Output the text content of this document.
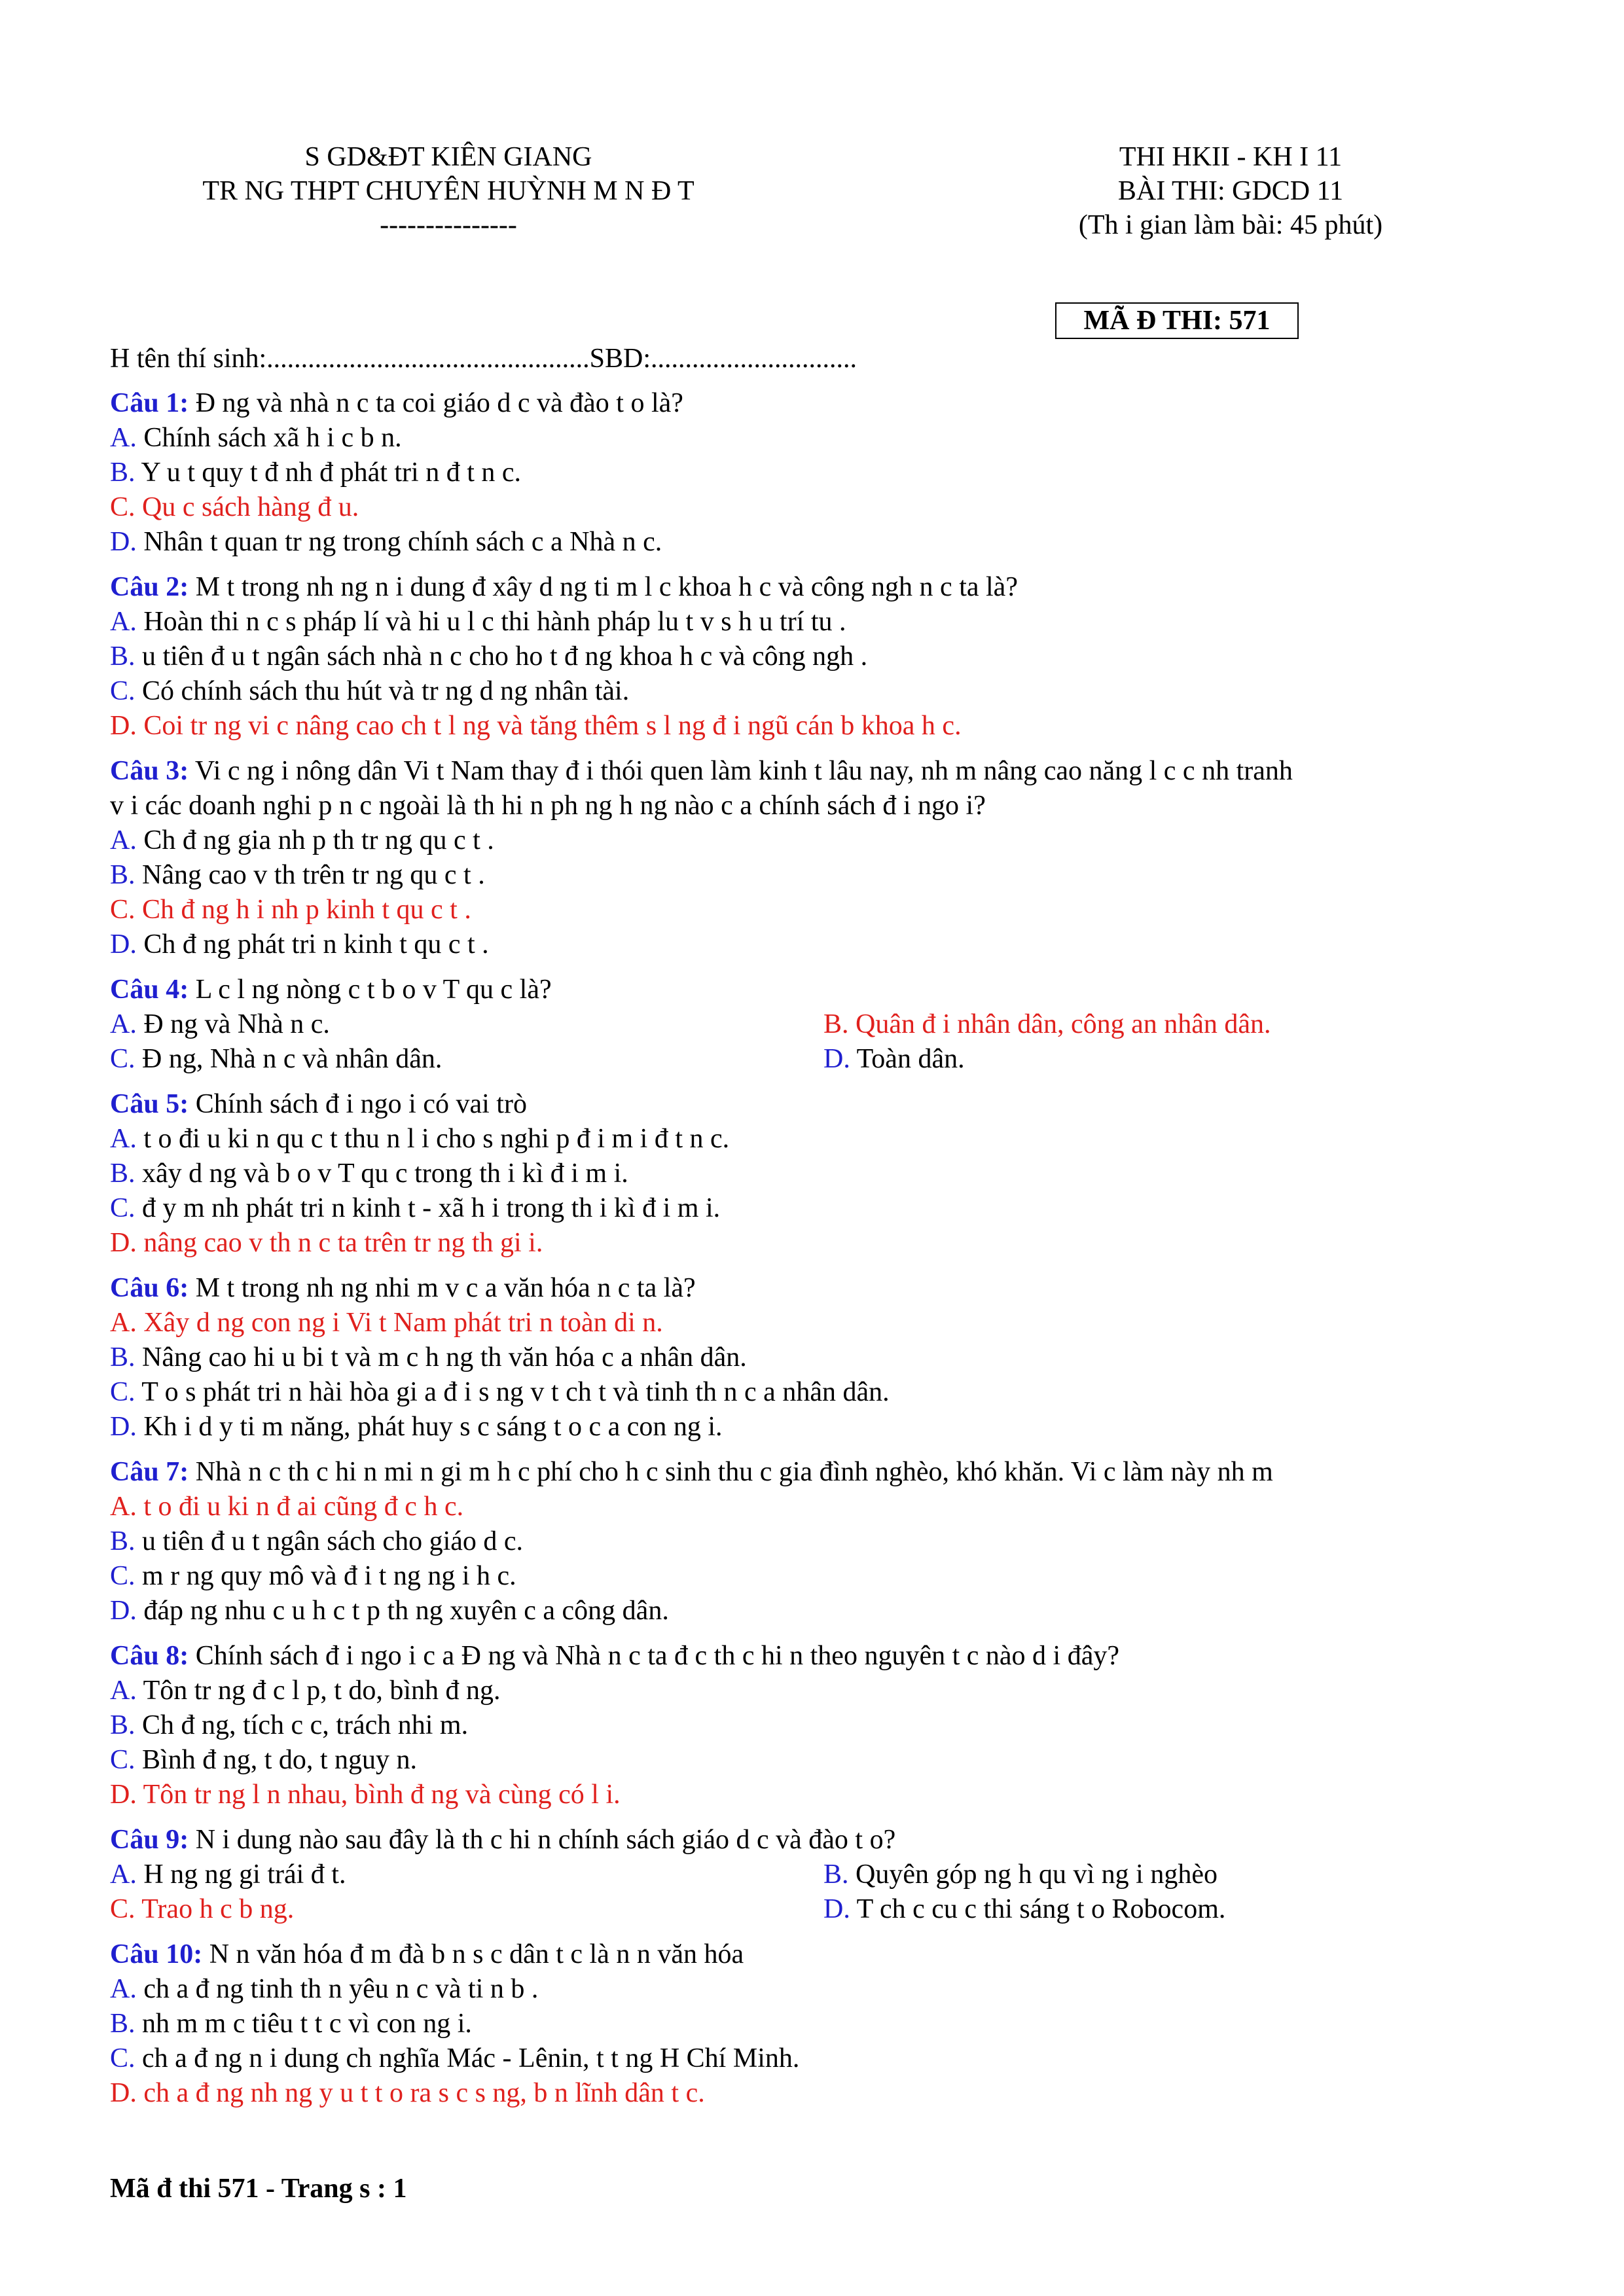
S GD&ĐT KIÊN GIANG
TR NG THPT CHUYÊN HUỲNH M N Đ T
---------------
THI HKII - KH I 11
BÀI THI: GDCD 11
(Th i gian làm bài: 45 phút)
MÃ Đ THI: 571
H tên thí sinh:...............................................SBD:..............................
Câu 1: Đ ng và nhà n c ta coi giáo d c và đào t o là?
A. Chính sách xã h i c b n.
B. Y u t quy t đ nh đ phát tri n đ t n c.
C. Qu c sách hàng đ u.
D. Nhân t quan tr ng trong chính sách c a Nhà n c.
Câu 2: M t trong nh ng n i dung đ xây d ng ti m l c khoa h c và công ngh n c ta là?
A. Hoàn thi n c s pháp lí và hi u l c thi hành pháp lu t v s h u trí tu .
B. u tiên đ u t ngân sách nhà n c cho ho t đ ng khoa h c và công ngh .
C. Có chính sách thu hút và tr ng d ng nhân tài.
D. Coi tr ng vi c nâng cao ch t l ng và tăng thêm s l ng đ i ngũ cán b khoa h c.
Câu 3: Vi c ng i nông dân Vi t Nam thay đ i thói quen làm kinh t lâu nay, nh m nâng cao năng l c c nh tranh
v i các doanh nghi p n c ngoài là th hi n ph ng h ng nào c a chính sách đ i ngo i?
A. Ch đ ng gia nh p th tr ng qu c t .
B. Nâng cao v th trên tr ng qu c t .
C. Ch đ ng h i nh p kinh t qu c t .
D. Ch đ ng phát tri n kinh t qu c t .
Câu 4: L c l ng nòng c t b o v T qu c là?
A. Đ ng và Nhà n c.	B. Quân đ i nhân dân, công an nhân dân.
C. Đ ng, Nhà n c và nhân dân.	D. Toàn dân.
Câu 5: Chính sách đ i ngo i có vai trò
A. t o đi u ki n qu c t thu n l i cho s nghi p đ i m i đ t n c.
B. xây d ng và b o v T qu c trong th i kì đ i m i.
C. đ y m nh phát tri n kinh t - xã h i trong th i kì đ i m i.
D. nâng cao v th n c ta trên tr ng th gi i.
Câu 6: M t trong nh ng nhi m v c a văn hóa n c ta là?
A. Xây d ng con ng i Vi t Nam phát tri n toàn di n.
B. Nâng cao hi u bi t và m c h ng th văn hóa c a nhân dân.
C. T o s phát tri n hài hòa gi a đ i s ng v t ch t và tinh th n c a nhân dân.
D. Kh i d y ti m năng, phát huy s c sáng t o c a con ng i.
Câu 7: Nhà n c th c hi n mi n gi m h c phí cho h c sinh thu c gia đình nghèo, khó khăn. Vi c làm này nh m
A. t o đi u ki n đ ai cũng đ c h c.
B. u tiên đ u t ngân sách cho giáo d c.
C. m r ng quy mô và đ i t ng ng i h c.
D. đáp ng nhu c u h c t p th ng xuyên c a công dân.
Câu 8: Chính sách đ i ngo i c a Đ ng và Nhà n c ta đ c th c hi n theo nguyên t c nào d i đây?
A. Tôn tr ng đ c l p, t do, bình đ ng.
B. Ch đ ng, tích c c, trách nhi m.
C. Bình đ ng, t do, t nguy n.
D. Tôn tr ng l n nhau, bình đ ng và cùng có l i.
Câu 9: N i dung nào sau đây là th c hi n chính sách giáo d c và đào t o?
A. H ng ng gi trái đ t.	B. Quyên góp ng h qu vì ng i nghèo
C. Trao h c b ng.	D. T ch c cu c thi sáng t o Robocom.
Câu 10: N n văn hóa đ m đà b n s c dân t c là n n văn hóa
A. ch a đ ng tinh th n yêu n c và ti n b .
B. nh m m c tiêu t t c vì con ng i.
C. ch a đ ng n i dung ch nghĩa Mác - Lênin, t t ng H Chí Minh.
D. ch a đ ng nh ng y u t t o ra s c s ng, b n lĩnh dân t c.
Mã đ thi 571 - Trang s : 1
